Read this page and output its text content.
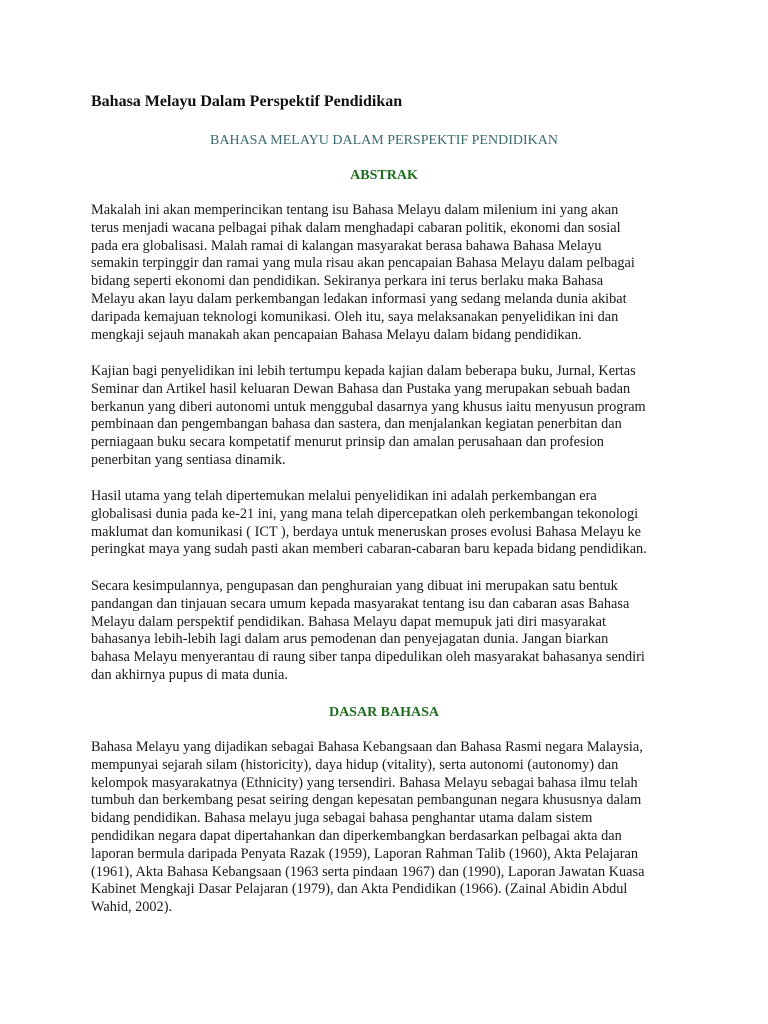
Bahasa Melayu Dalam Perspektif Pendidikan
BAHASA MELAYU DALAM PERSPEKTIF PENDIDIKAN
ABSTRAK
Makalah ini akan memperincikan tentang isu Bahasa Melayu dalam milenium ini yang akan
terus menjadi wacana pelbagai pihak dalam menghadapi cabaran politik, ekonomi dan sosial
pada era globalisasi. Malah ramai di kalangan masyarakat berasa bahawa Bahasa Melayu
semakin terpinggir dan ramai yang mula risau akan pencapaian Bahasa Melayu dalam pelbagai
bidang seperti ekonomi dan pendidikan. Sekiranya perkara ini terus berlaku maka Bahasa
Melayu akan layu dalam perkembangan ledakan informasi yang sedang melanda dunia akibat
daripada kemajuan teknologi komunikasi. Oleh itu, saya melaksanakan penyelidikan ini dan
mengkaji sejauh manakah akan pencapaian Bahasa Melayu dalam bidang pendidikan.
Kajian bagi penyelidikan ini lebih tertumpu kepada kajian dalam beberapa buku, Jurnal, Kertas
Seminar dan Artikel hasil keluaran Dewan Bahasa dan Pustaka yang merupakan sebuah badan
berkanun yang diberi autonomi untuk menggubal dasarnya yang khusus iaitu menyusun program
pembinaan dan pengembangan bahasa dan sastera, dan menjalankan kegiatan penerbitan dan
perniagaan buku secara kompetatif menurut prinsip dan amalan perusahaan dan profesion
penerbitan yang sentiasa dinamik.
Hasil utama yang telah dipertemukan melalui penyelidikan ini adalah perkembangan era
globalisasi dunia pada ke-21 ini, yang mana telah dipercepatkan oleh perkembangan tekonologi
maklumat dan komunikasi ( ICT ), berdaya untuk meneruskan proses evolusi Bahasa Melayu ke
peringkat maya yang sudah pasti akan memberi cabaran-cabaran baru kepada bidang pendidikan.
Secara kesimpulannya, pengupasan dan penghuraian yang dibuat ini merupakan satu bentuk
pandangan dan tinjauan secara umum kepada masyarakat tentang isu dan cabaran asas Bahasa
Melayu dalam perspektif pendidikan. Bahasa Melayu dapat memupuk jati diri masyarakat
bahasanya lebih-lebih lagi dalam arus pemodenan dan penyejagatan dunia. Jangan biarkan
bahasa Melayu menyerantau di raung siber tanpa dipedulikan oleh masyarakat bahasanya sendiri
dan akhirnya pupus di mata dunia.
DASAR BAHASA
Bahasa Melayu yang dijadikan sebagai Bahasa Kebangsaan dan Bahasa Rasmi negara Malaysia,
mempunyai sejarah silam (historicity), daya hidup (vitality), serta autonomi (autonomy) dan
kelompok masyarakatnya (Ethnicity) yang tersendiri. Bahasa Melayu sebagai bahasa ilmu telah
tumbuh dan berkembang pesat seiring dengan kepesatan pembangunan negara khususnya dalam
bidang pendidikan. Bahasa melayu juga sebagai bahasa penghantar utama dalam sistem
pendidikan negara dapat dipertahankan dan diperkembangkan berdasarkan pelbagai akta dan
laporan bermula daripada Penyata Razak (1959), Laporan Rahman Talib (1960), Akta Pelajaran
(1961), Akta Bahasa Kebangsaan (1963 serta pindaan 1967) dan (1990), Laporan Jawatan Kuasa
Kabinet Mengkaji Dasar Pelajaran (1979), dan Akta Pendidikan (1966). (Zainal Abidin Abdul
Wahid, 2002).
